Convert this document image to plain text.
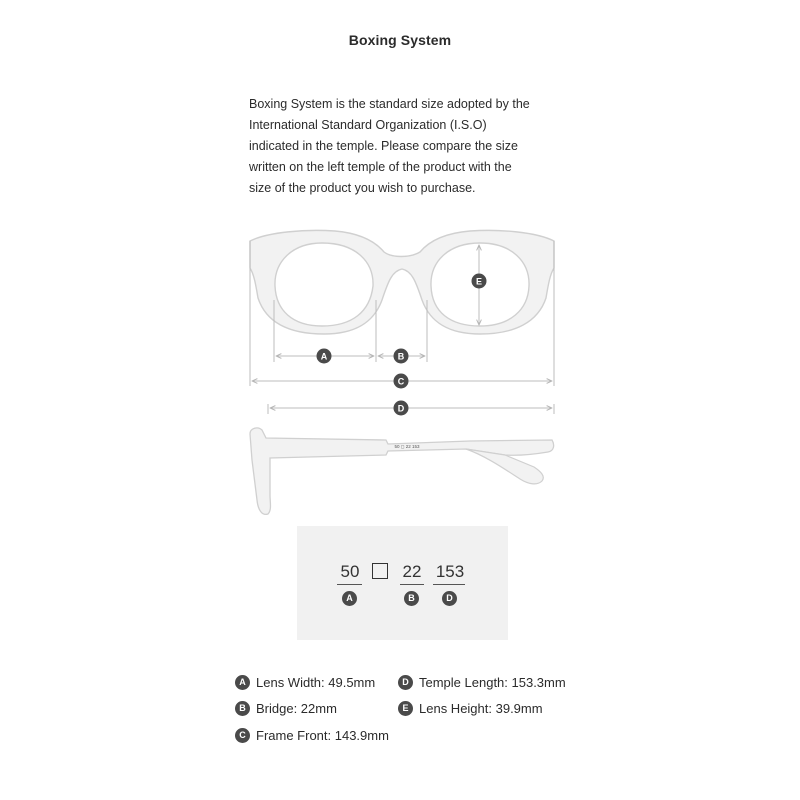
Boxing System
Boxing System is the standard size adopted by the
International Standard Organization (I.S.O)
indicated in the temple. Please compare the size
written on the left temple of the product with the
size of the product you wish to purchase.
50 ◻ 22 153
A	B
C
D
E
50
A
22
B
153
D
A Lens Width: 49.5mm
B Bridge: 22mm
C Frame Front: 143.9mm
D Temple Length: 153.3mm
E Lens Height: 39.9mm
